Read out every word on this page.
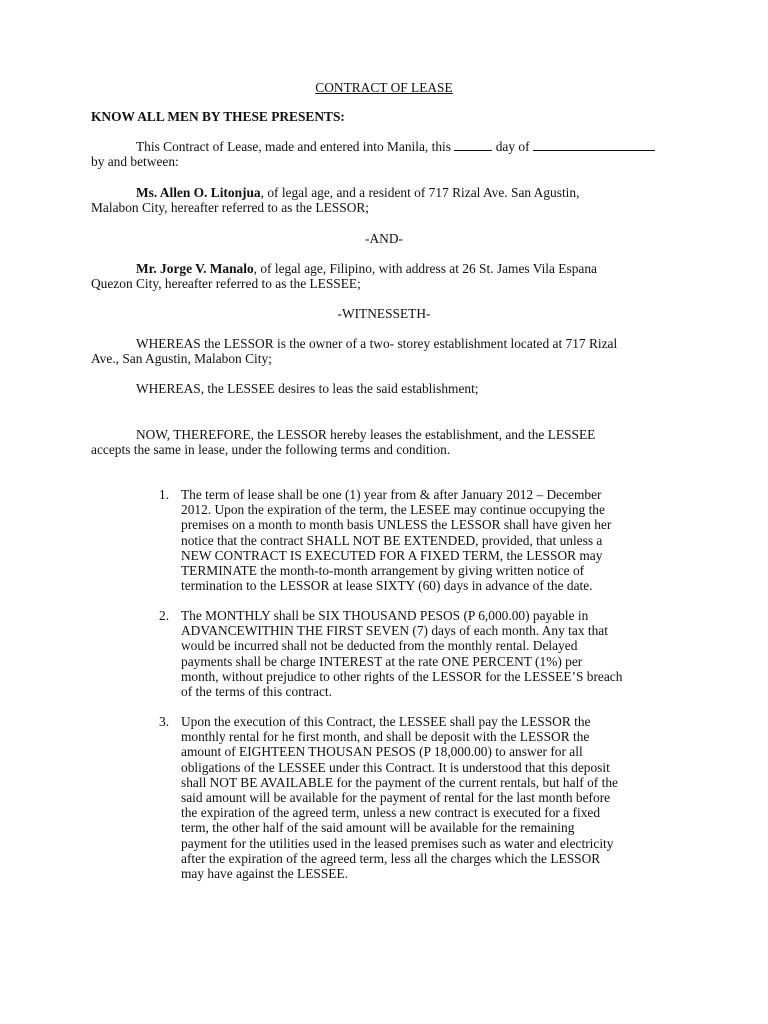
CONTRACT OF LEASE
KNOW ALL MEN BY THESE PRESENTS:
This Contract of Lease, made and entered into Manila, this	day of
by and between:
Ms. Allen O. Litonjua, of legal age, and a resident of 717 Rizal Ave. San Agustin,
Malabon City, hereafter referred to as the LESSOR;
-AND-
Mr. Jorge V. Manalo, of legal age, Filipino, with address at 26 St. James Vila Espana
Quezon City, hereafter referred to as the LESSEE;
-WITNESSETH-
WHEREAS the LESSOR is the owner of a two- storey establishment located at 717 Rizal
Ave., San Agustin, Malabon City;
WHEREAS, the LESSEE desires to leas the said establishment;
NOW, THEREFORE, the LESSOR hereby leases the establishment, and the LESSEE
accepts the same in lease, under the following terms and condition.
1. The term of lease shall be one (1) year from & after January 2012 – December
2012. Upon the expiration of the term, the LESEE may continue occupying the
premises on a month to month basis UNLESS the LESSOR shall have given her
notice that the contract SHALL NOT BE EXTENDED, provided, that unless a
NEW CONTRACT IS EXECUTED FOR A FIXED TERM, the LESSOR may
TERMINATE the month-to-month arrangement by giving written notice of
termination to the LESSOR at lease SIXTY (60) days in advance of the date.
2. The MONTHLY shall be SIX THOUSAND PESOS (P 6,000.00) payable in
ADVANCEWITHIN THE FIRST SEVEN (7) days of each month. Any tax that
would be incurred shall not be deducted from the monthly rental. Delayed
payments shall be charge INTEREST at the rate ONE PERCENT (1%) per
month, without prejudice to other rights of the LESSOR for the LESSEE’S breach
of the terms of this contract.
3. Upon the execution of this Contract, the LESSEE shall pay the LESSOR the
monthly rental for he first month, and shall be deposit with the LESSOR the
amount of EIGHTEEN THOUSAN PESOS (P 18,000.00) to answer for all
obligations of the LESSEE under this Contract. It is understood that this deposit
shall NOT BE AVAILABLE for the payment of the current rentals, but half of the
said amount will be available for the payment of rental for the last month before
the expiration of the agreed term, unless a new contract is executed for a fixed
term, the other half of the said amount will be available for the remaining
payment for the utilities used in the leased premises such as water and electricity
after the expiration of the agreed term, less all the charges which the LESSOR
may have against the LESSEE.
